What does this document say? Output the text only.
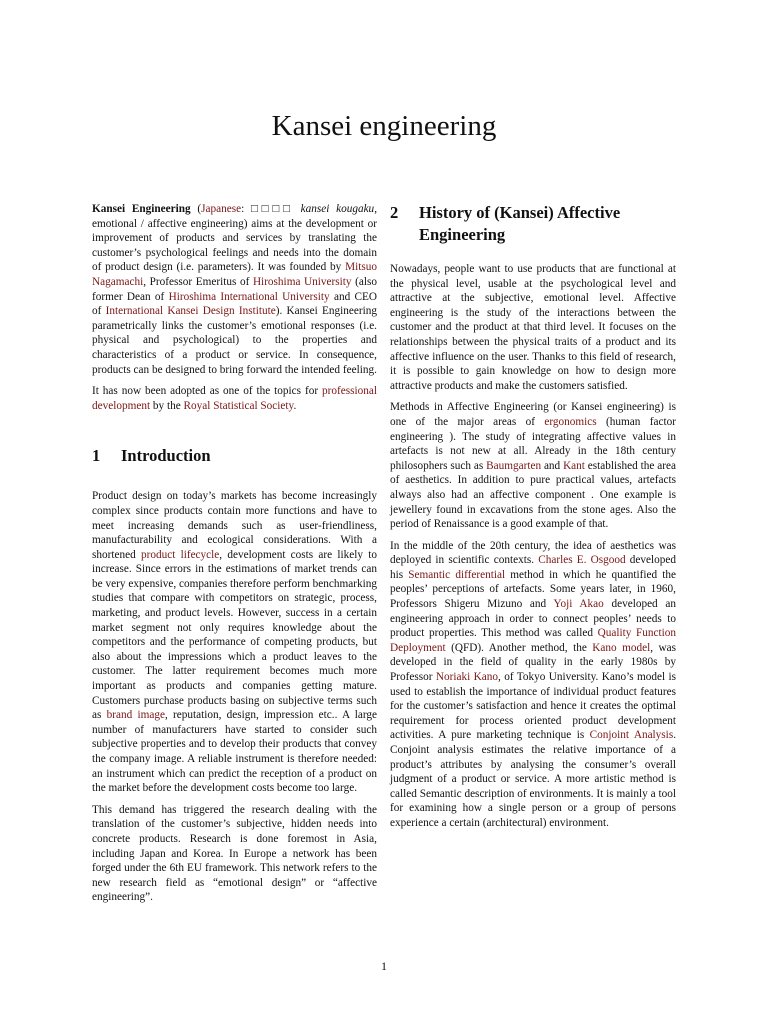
Kansei engineering

Kansei Engineering (Japanese: □□□□ kansei kougaku, emotional / affective engineering) aims at the development or improvement of products and services by translating the customer’s psychological feelings and needs into the domain of product design (i.e. parameters). It was founded by Mitsuo Nagamachi, Professor Emeritus of Hiroshima University (also former Dean of Hiroshima International University and CEO of International Kansei Design Institute). Kansei Engineering parametrically links the customer’s emotional responses (i.e. physical and psychological) to the properties and characteristics of a product or service. In consequence, products can be designed to bring forward the intended feeling.

It has now been adopted as one of the topics for professional development by the Royal Statistical Society.

1	Introduction

Product design on today’s markets has become increasingly complex since products contain more functions and have to meet increasing demands such as user-friendliness, manufacturability and ecological considerations. With a shortened product lifecycle, development costs are likely to increase. Since errors in the estimations of market trends can be very expensive, companies therefore perform benchmarking studies that compare with competitors on strategic, process, marketing, and product levels. However, success in a certain market segment not only requires knowledge about the competitors and the performance of competing products, but also about the impressions which a product leaves to the customer. The latter requirement becomes much more important as products and companies getting mature. Customers purchase products basing on subjective terms such as brand image, reputation, design, impression etc.. A large number of manufacturers have started to consider such subjective properties and to develop their products that convey the company image. A reliable instrument is therefore needed: an instrument which can predict the reception of a product on the market before the development costs become too large.

This demand has triggered the research dealing with the translation of the customer’s subjective, hidden needs into concrete products. Research is done foremost in Asia, including Japan and Korea. In Europe a network has been forged under the 6th EU framework. This network refers to the new research field as “emotional design” or “affective engineering”.

2	History of (Kansei) Affective Engineering

Nowadays, people want to use products that are functional at the physical level, usable at the psychological level and attractive at the subjective, emotional level. Affective engineering is the study of the interactions between the customer and the product at that third level. It focuses on the relationships between the physical traits of a product and its affective influence on the user. Thanks to this field of research, it is possible to gain knowledge on how to design more attractive products and make the customers satisfied.

Methods in Affective Engineering (or Kansei engineering) is one of the major areas of ergonomics (human factor engineering ). The study of integrating affective values in artefacts is not new at all. Already in the 18th century philosophers such as Baumgarten and Kant established the area of aesthetics. In addition to pure practical values, artefacts always also had an affective component . One example is jewellery found in excavations from the stone ages. Also the period of Renaissance is a good example of that.

In the middle of the 20th century, the idea of aesthetics was deployed in scientific contexts. Charles E. Osgood developed his Semantic differential method in which he quantified the peoples’ perceptions of artefacts. Some years later, in 1960, Professors Shigeru Mizuno and Yoji Akao developed an engineering approach in order to connect peoples’ needs to product properties. This method was called Quality Function Deployment (QFD). Another method, the Kano model, was developed in the field of quality in the early 1980s by Professor Noriaki Kano, of Tokyo University. Kano’s model is used to establish the importance of individual product features for the customer’s satisfaction and hence it creates the optimal requirement for process oriented product development activities. A pure marketing technique is Conjoint Analysis. Conjoint analysis estimates the relative importance of a product’s attributes by analysing the consumer’s overall judgment of a product or service. A more artistic method is called Semantic description of environments. It is mainly a tool for examining how a single person or a group of persons experience a certain (architectural) environment.

1
